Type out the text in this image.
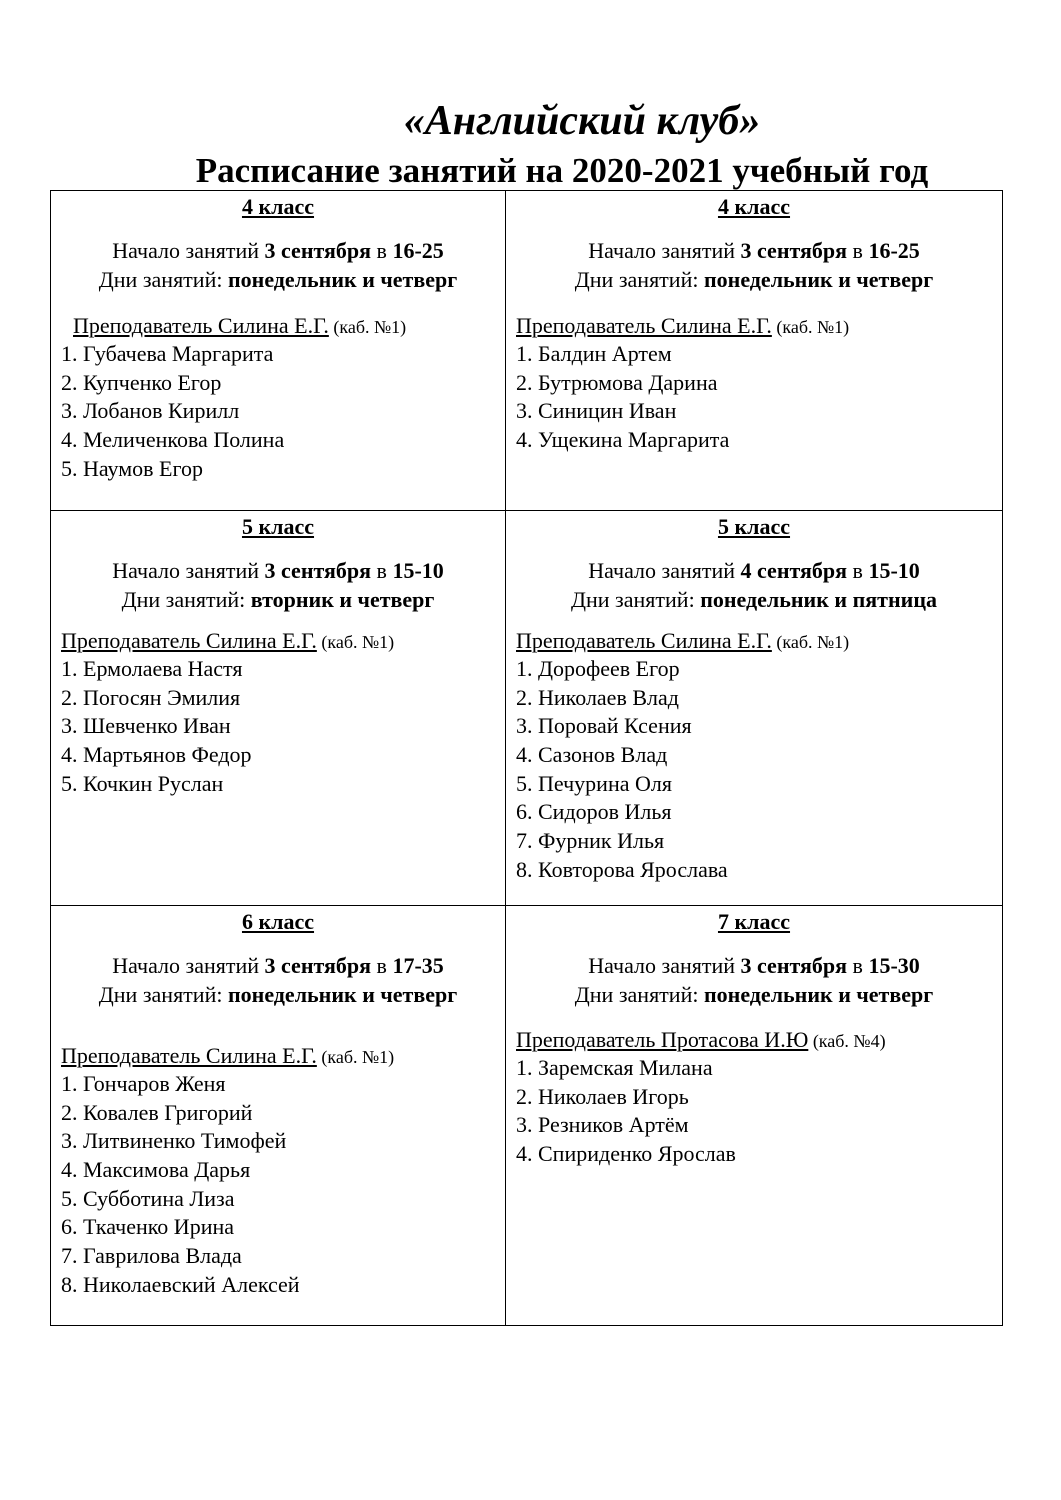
«Английский клуб»
Расписание занятий на 2020-2021 учебный год
4 класс
Начало занятий 3 сентября в 16-25
Дни занятий: понедельник и четверг
Преподаватель Силина Е.Г. (каб. №1)
1. Губачева Маргарита
2. Купченко Егор
3. Лобанов Кирилл
4. Меличенкова Полина
5. Наумов Егор
4 класс
Начало занятий 3 сентября в 16-25
Дни занятий: понедельник и четверг
Преподаватель Силина Е.Г. (каб. №1)
1. Балдин Артем
2. Бутрюмова Дарина
3. Синицин Иван
4. Ущекина Маргарита
5 класс
Начало занятий 3 сентября в 15-10
Дни занятий: вторник и четверг
Преподаватель Силина Е.Г. (каб. №1)
1. Ермолаева Настя
2. Погосян Эмилия
3. Шевченко Иван
4. Мартьянов Федор
5. Кочкин Руслан
5 класс
Начало занятий 4 сентября в 15-10
Дни занятий: понедельник и пятница
Преподаватель Силина Е.Г. (каб. №1)
1. Дорофеев Егор
2. Николаев Влад
3. Поровай Ксения
4. Сазонов Влад
5. Печурина Оля
6. Сидоров Илья
7. Фурник Илья
8. Ковторова Ярослава
6 класс
Начало занятий 3 сентября в 17-35
Дни занятий: понедельник и четверг
Преподаватель Силина Е.Г. (каб. №1)
1. Гончаров Женя
2. Ковалев Григорий
3. Литвиненко Тимофей
4. Максимова Дарья
5. Субботина Лиза
6. Ткаченко Ирина
7. Гаврилова Влада
8. Николаевский Алексей
7 класс
Начало занятий 3 сентября в 15-30
Дни занятий: понедельник и четверг
Преподаватель Протасова И.Ю (каб. №4)
1. Заремская Милана
2. Николаев Игорь
3. Резников Артём
4. Спириденко Ярослав
